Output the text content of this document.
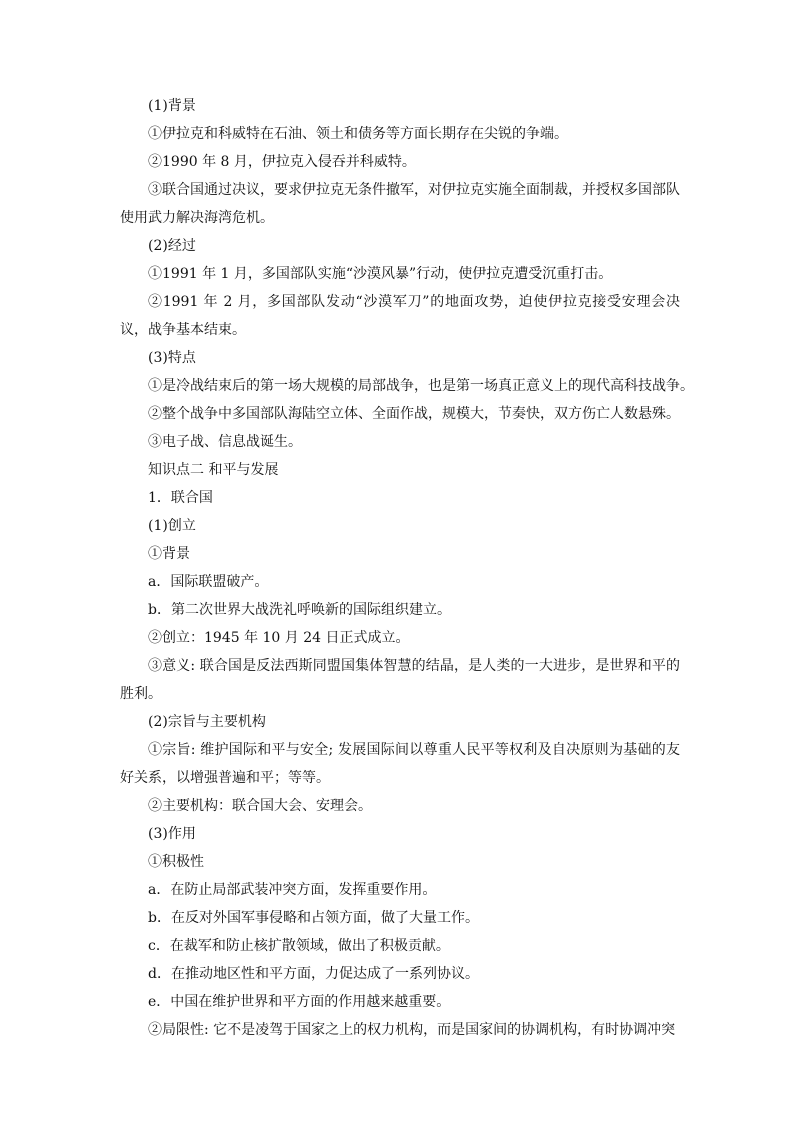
(1)背景

①伊拉克和科威特在石油、领土和债务等方面长期存在尖锐的争端。

②1990 年 8 月，伊拉克入侵吞并科威特。

③联合国通过决议，要求伊拉克无条件撤军，对伊拉克实施全面制裁，并授权多国部队使用武力解决海湾危机。

(2)经过

①1991 年 1 月，多国部队实施“沙漠风暴”行动，使伊拉克遭受沉重打击。

②1991 年 2 月，多国部队发动“沙漠军刀”的地面攻势，迫使伊拉克接受安理会决议，战争基本结束。

(3)特点

①是冷战结束后的第一场大规模的局部战争，也是第一场真正意义上的现代高科技战争。

②整个战争中多国部队海陆空立体、全面作战，规模大，节奏快，双方伤亡人数悬殊。

③电子战、信息战诞生。

知识点二 和平与发展

1．联合国

(1)创立

①背景

a．国际联盟破产。

b．第二次世界大战洗礼呼唤新的国际组织建立。

②创立：1945 年 10 月 24 日正式成立。

③意义: 联合国是反法西斯同盟国集体智慧的结晶，是人类的一大进步，是世界和平的胜利。

(2)宗旨与主要机构

①宗旨: 维护国际和平与安全; 发展国际间以尊重人民平等权利及自决原则为基础的友好关系，以增强普遍和平；等等。

②主要机构：联合国大会、安理会。

(3)作用

①积极性

a．在防止局部武装冲突方面，发挥重要作用。

b．在反对外国军事侵略和占领方面，做了大量工作。

c．在裁军和防止核扩散领域，做出了积极贡献。

d．在推动地区性和平方面，力促达成了一系列协议。

e．中国在维护世界和平方面的作用越来越重要。

②局限性: 它不是凌驾于国家之上的权力机构，而是国家间的协调机构，有时协调冲突
